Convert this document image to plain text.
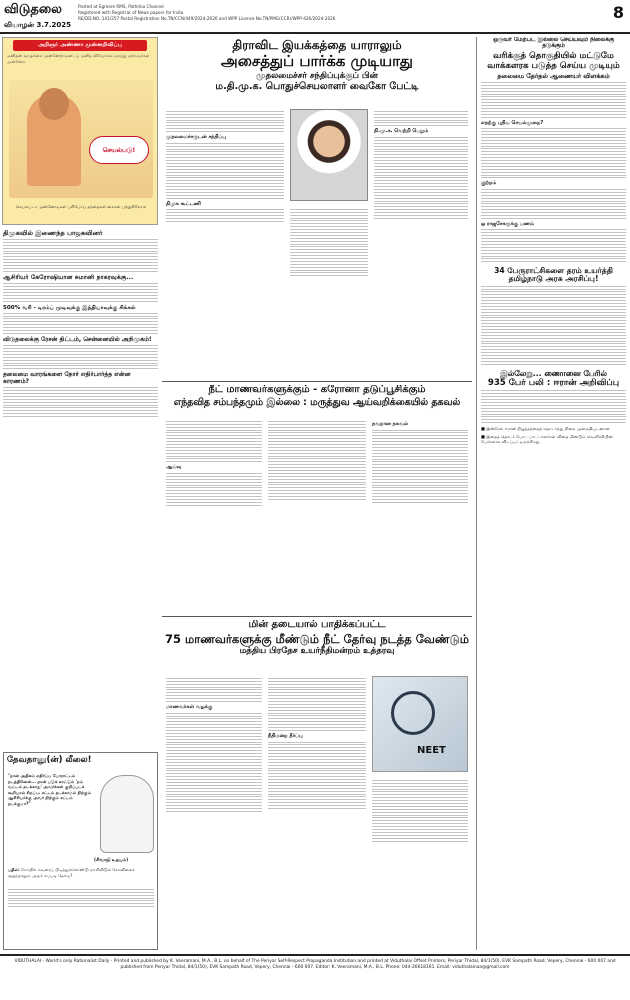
விடுதலை
வியாழன் 3.7.2025
Posted at Egmore RMS, Pathrika Channel
Registered with Registrar of News papers for India
RE/DD.NO.:141/257 Postal Registration No.TN/CCN/449/2024-2026 and WPP License No.TN/PMG(CCR)/WPP-426/2024-2026	8
அறிஞர் அண்ணா முன்னறிவிப்பு
மனிதன் வாழ்க்கை முன்னேற்றமடைய மனித வியோகம் மறந்து மற்றவர்கள் முன்னேற
செயல்படு!
செயல்படா முன்னோடிகள் பறிபோய் தந்தைகள் கைகள் பற்றுகிறோம்
திமுகவில் இணைந்த பாஜகவினர்
ஆசிரியர் கேரோஷியான சுமானி நாகரவுக்கு...
500% வரி - டிரம்ப் முடிவுக்கு இந்தியாவுக்கு சிக்கல்
விடுதலைக்கு ரேசன் திட்டம், சென்னையில் அறிமுகம்!
தலைமை வாரங்களை நோர் எதிர்பார்த்த என்ன காரணம்?
தேவதானு(ன்) லீலை!
"நான் அதிகம் எதிர்ப்பு போராட்டம் நடத்தினேன்... நான் படுக் காட்டும் 'நம் வட்டம் நடக்காது' அவர்க்கள் குறிப்படக் கூறியால் சிறப்பு. சட்டம் நடக்காமல் நிற்கும் ஆசிரியர்க்கு அவர் நிற்கும் சட்டம் நடக்குமா?"
(சிவாஜி உதயம்)
பதில்: கோயில் சுவரைப் பிடித்துக்கொண்டு மாறிவிடும் கோவிலைச் சூழ்ந்தாலும் அவர் எப்படி தேர்வு?
திராவிட இயக்கத்தை யாராலும்
அசைத்துப் பார்க்க முடியாது
முதலமைச்சர் சந்திப்புக்குப் பின்
ம.தி.மு.க. பொதுச்செயலாளர் வைகோ பேட்டி
முதலமைச்சருடன் சந்திப்பு
திமுக கூட்டணி
தி.மு.க. வெற்றி பெறும்
நீட் மாணவர்களுக்கும் - கரோனா தடுப்பூசிக்கும்
எந்தவித சம்பந்தமும் இல்லை : மருத்துவ ஆய்வறிக்கையில் தகவல்
ஆய்வு
தவறான தகவல்
மின் தடையால் பாதிக்கப்பட்ட
75 மாணவர்களுக்கு மீண்டும் நீட் தேர்வு நடத்த வேண்டும்
மத்திய பிரதேச உயர்நீதிமன்றம் உத்தரவு
மாணவர்கள் வழக்கு
நீதிமன்ற தீர்ப்பு
NEET
ஒருவர் மேற்பட இல்லை செய்யவும் நிலைக்கு தடுக்கும்
வரிக்குத் தொகுதியில் மட்டுமே
வாக்களரக படுத்த செய்ய முடியும்
தலைமை தேர்தல் ஆணையர் விளக்கம்
எதற்கு புதிய செயல்முறை?
குற்றம்
ஒ ராஜசேகருக்கு பணம்
34 பேருராட்சிகளை தரம் உயர்த்தி தமிழ்நாடு அரசு அரசிப்பு!
இல்லேறு... ணைானை பேரில்
935 பேர் பலி : ஈரான் அறிவிப்பு
■ இஸ்ரேல் ஈரான் நிறுத்தத்தைத் தொடர்ந்து நிலை அமைதியுடனான
■ இதைத் தொடர் போட் பாட்டாளர்கள் விதை மீண்டும் வெளிச்சியின் பேர்களாக விடப்பட்டிருக்கிறது.
VIDUTHALAI - World's only Rationalist Daily - Printed and published by K. Veeramani, M.A., B.L. on behalf of The Periyar Self-Respect Propaganda Institution and printed at Viduthalai Offset Printers, Periyar Thidal, 84/1(50), EVK Sampath Road, Vepery, Chennai - 600 007 and published from Periyar Thidal, 84/1(50), EVK Sampath Road, Vepery, Chennai - 600 007. Editor: K. Veeramani, M.A., B.L. Phone: 044-26618161. Email: viduthalainaa@gmail.com
